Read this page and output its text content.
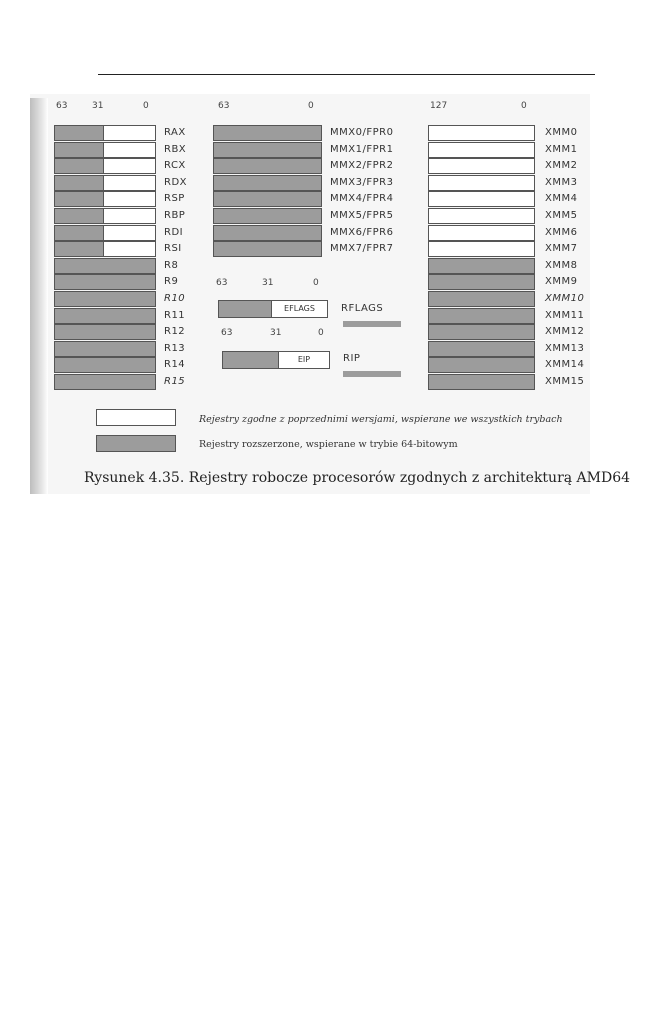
63	31	0	63	0	127	0
RAX
RBX
RCX
RDX
RSP
RBP
RDI
RSI
R8
R9
R10
R11
R12
R13
R14
R15
MMX0/FPR0
MMX1/FPR1
MMX2/FPR2
MMX3/FPR3
MMX4/FPR4
MMX5/FPR5
MMX6/FPR6
MMX7/FPR7
XMM0
XMM1
XMM2
XMM3
XMM4
XMM5
XMM6
XMM7
XMM8
XMM9
XMM10
XMM11
XMM12
XMM13
XMM14
XMM15
63	31	0
EFLAGS	RFLAGS
63	31	0
EIP	RIP
Rejestry zgodne z poprzednimi wersjami, wspierane we wszystkich trybach
Rejestry rozszerzone, wspierane w trybie 64-bitowym
Rysunek 4.35. Rejestry robocze procesorów zgodnych z architekturą AMD64
